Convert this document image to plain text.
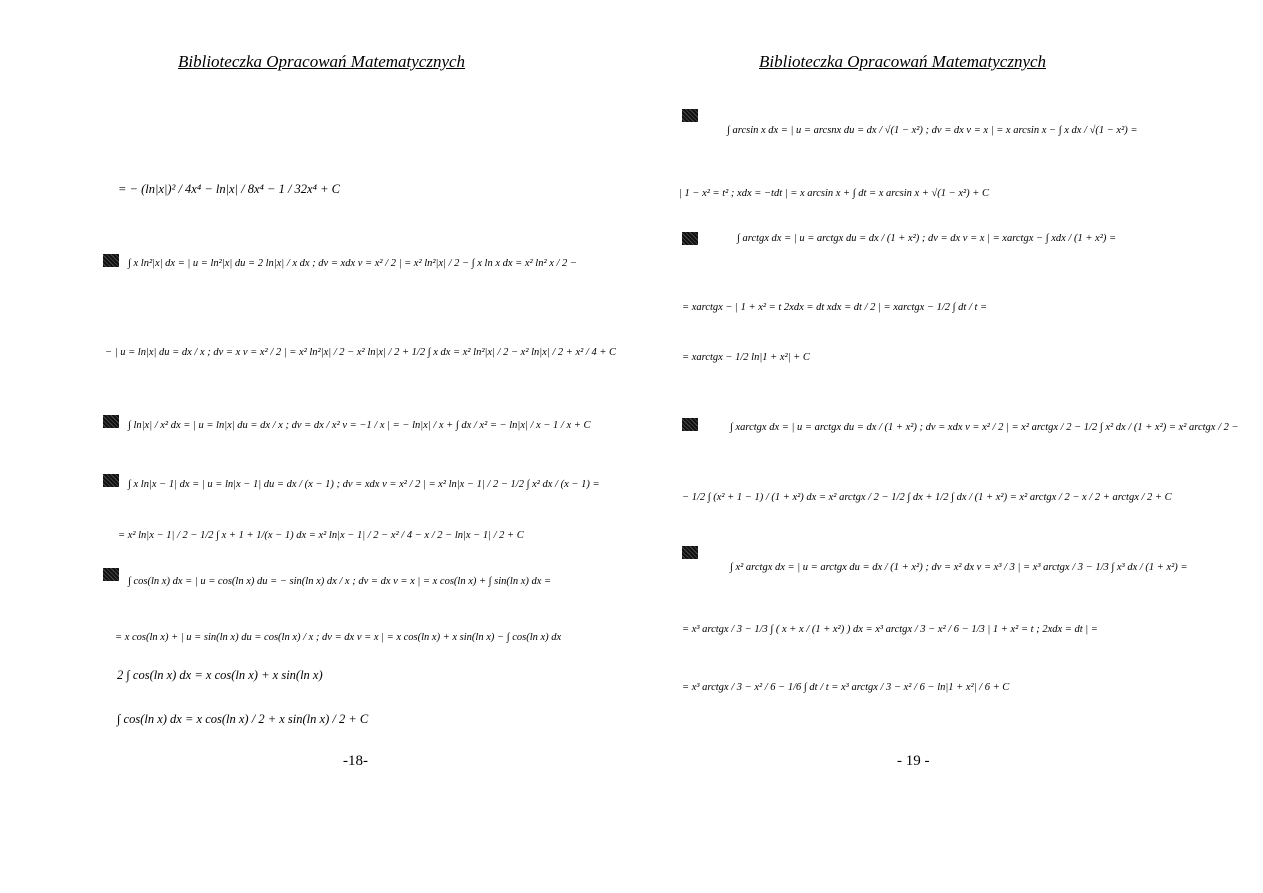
Biblioteczka Opracowań Matematycznych
= − (ln|x|)² / 4x⁴ − ln|x| / 8x⁴ − 1 / 32x⁴ + C
∫ x ln²|x| dx = | u = ln²|x| du = 2 ln|x| / x dx ; dv = xdx v = x² / 2 | = x² ln²|x| / 2 − ∫ x ln x dx = x² ln² x / 2 −
− | u = ln|x| du = dx / x ; dv = x v = x² / 2 | = x² ln²|x| / 2 − x² ln|x| / 2 + 1/2 ∫ x dx = x² ln²|x| / 2 − x² ln|x| / 2 + x² / 4 + C
∫ ln|x| / x² dx = | u = ln|x| du = dx / x ; dv = dx / x² v = −1 / x | = − ln|x| / x + ∫ dx / x² = − ln|x| / x − 1 / x + C
∫ x ln|x − 1| dx = | u = ln|x − 1| du = dx / (x − 1) ; dv = xdx v = x² / 2 | = x² ln|x − 1| / 2 − 1/2 ∫ x² dx / (x − 1) =
= x² ln|x − 1| / 2 − 1/2 ∫ x + 1 + 1/(x − 1) dx = x² ln|x − 1| / 2 − x² / 4 − x / 2 − ln|x − 1| / 2 + C
∫ cos(ln x) dx = | u = cos(ln x) du = − sin(ln x) dx / x ; dv = dx v = x | = x cos(ln x) + ∫ sin(ln x) dx =
= x cos(ln x) + | u = sin(ln x) du = cos(ln x) / x ; dv = dx v = x | = x cos(ln x) + x sin(ln x) − ∫ cos(ln x) dx
2 ∫ cos(ln x) dx = x cos(ln x) + x sin(ln x)
∫ cos(ln x) dx = x cos(ln x) / 2 + x sin(ln x) / 2 + C
-18-
Biblioteczka Opracowań Matematycznych
∫ arcsin x dx = | u = arcsnx du = dx / √(1 − x²) ; dv = dx v = x | = x arcsin x − ∫ x dx / √(1 − x²) =
| 1 − x² = t² ; xdx = −tdt | = x arcsin x + ∫ dt = x arcsin x + √(1 − x²) + C
∫ arctgx dx = | u = arctgx du = dx / (1 + x²) ; dv = dx v = x | = xarctgx − ∫ xdx / (1 + x²) =
= xarctgx − | 1 + x² = t 2xdx = dt xdx = dt / 2 | = xarctgx − 1/2 ∫ dt / t =
= xarctgx − 1/2 ln|1 + x²| + C
∫ xarctgx dx = | u = arctgx du = dx / (1 + x²) ; dv = xdx v = x² / 2 | = x² arctgx / 2 − 1/2 ∫ x² dx / (1 + x²) = x² arctgx / 2 −
− 1/2 ∫ (x² + 1 − 1) / (1 + x²) dx = x² arctgx / 2 − 1/2 ∫ dx + 1/2 ∫ dx / (1 + x²) = x² arctgx / 2 − x / 2 + arctgx / 2 + C
∫ x² arctgx dx = | u = arctgx du = dx / (1 + x²) ; dv = x² dx v = x³ / 3 | = x³ arctgx / 3 − 1/3 ∫ x³ dx / (1 + x²) =
= x³ arctgx / 3 − 1/3 ∫ ( x + x / (1 + x²) ) dx = x³ arctgx / 3 − x² / 6 − 1/3 | 1 + x² = t ; 2xdx = dt | =
= x³ arctgx / 3 − x² / 6 − 1/6 ∫ dt / t = x³ arctgx / 3 − x² / 6 − ln|1 + x²| / 6 + C
- 19 -
